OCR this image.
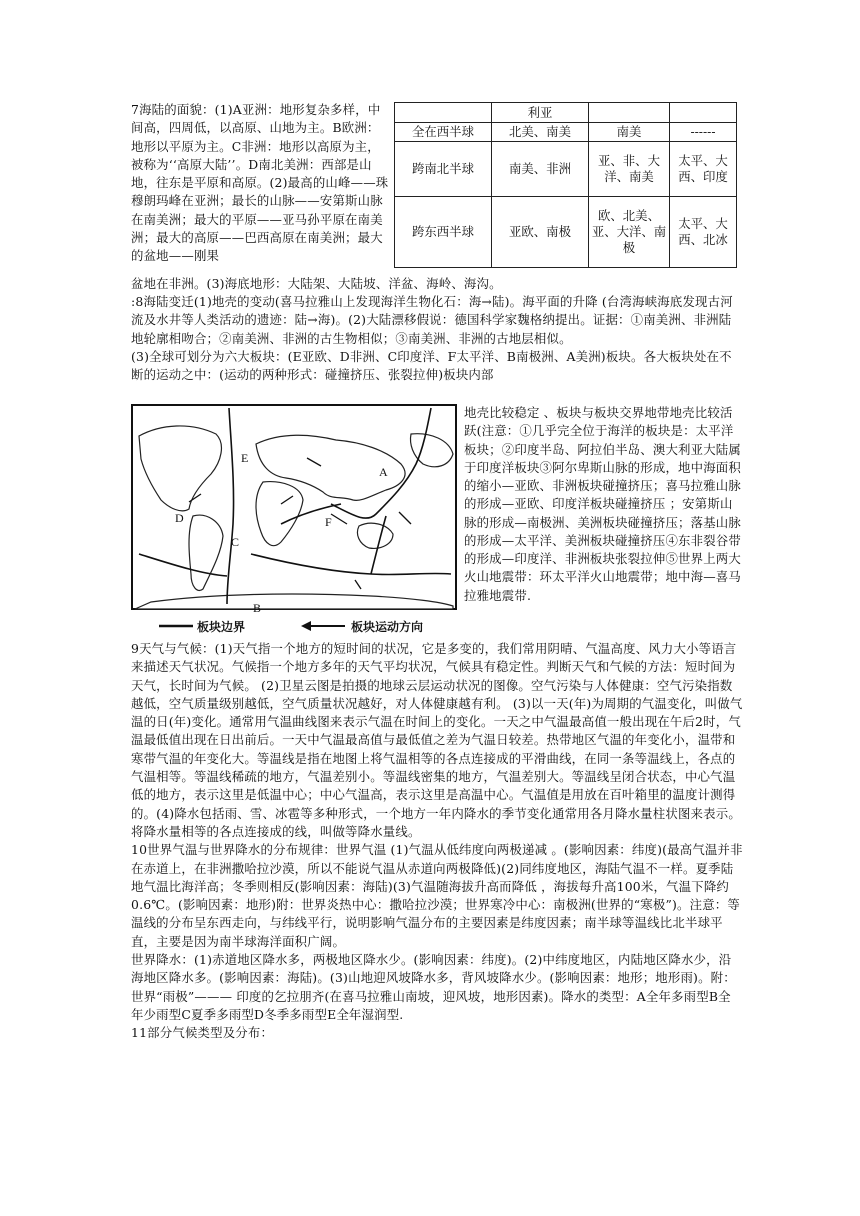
7海陆的面貌：(1)A亚洲：地形复杂多样，中间高，四周低，以高原、山地为主。B欧洲：地形以平原为主。C非洲：地形以高原为主，被称为‘‘高原大陆’’。D南北美洲：西部是山地，往东是平原和高原。(2)最高的山峰——珠穆朗玛峰在亚洲；最长的山脉——安第斯山脉在南美洲；最大的平原——亚马孙平原在南美洲；最大的高原——巴西高原在南美洲；最大的盆地——刚果

	利亚		
全在西半球	北美、南美	南美	------
跨南北半球	南美、非洲	亚、非、大洋、南美	太平、大西、印度
跨东西半球	亚欧、南极	欧、北美、亚、大洋、南极	太平、大西、北冰

盆地在非洲。(3)海底地形：大陆架、大陆坡、洋盆、海岭、海沟。

:8海陆变迁(1)地壳的变动(喜马拉雅山上发现海洋生物化石：海→陆)。海平面的升降 (台湾海峡海底发现古河流及水井等人类活动的遗迹：陆→海)。(2)大陆漂移假说：德国科学家魏格纳提出。证据：①南美洲、非洲陆地轮廓相吻合；②南美洲、非洲的古生物相似；③南美洲、非洲的古地层相似。

(3)全球可划分为六大板块：(E亚欧、D非洲、C印度洋、F太平洋、B南极洲、A美洲)板块。各大板块处在不断的运动之中：(运动的两种形式：碰撞挤压、张裂拉伸)板块内部

E
A
D	F
C
B
板块边界	板块运动方向

地壳比较稳定 、板块与板块交界地带地壳比较活跃(注意：①几乎完全位于海洋的板块是：太平洋板块；②印度半岛、阿拉伯半岛、澳大利亚大陆属于印度洋板块③阿尔卑斯山脉的形成，地中海面积的缩小—亚欧、非洲板块碰撞挤压；喜马拉雅山脉的形成—亚欧、印度洋板块碰撞挤压 ；安第斯山脉的形成—南极洲、美洲板块碰撞挤压；落基山脉的形成—太平洋、美洲板块碰撞挤压④东非裂谷带的形成—印度洋、非洲板块张裂拉伸⑤世界上两大火山地震带：环太平洋火山地震带；地中海—喜马拉雅地震带.

9天气与气候：(1)天气指一个地方的短时间的状况，它是多变的，我们常用阴晴、气温高度、风力大小等语言来描述天气状况。气候指一个地方多年的天气平均状况，气候具有稳定性。判断天气和气候的方法：短时间为天气，长时间为气候。 (2)卫星云图是拍摄的地球云层运动状况的图像。空气污染与人体健康：空气污染指数越低，空气质量级别越低，空气质量状况越好，对人体健康越有利。 (3)以一天(年)为周期的气温变化，叫做气温的日(年)变化。通常用气温曲线图来表示气温在时间上的变化。一天之中气温最高值一般出现在午后2时，气温最低值出现在日出前后。一天中气温最高值与最低值之差为气温日较差。热带地区气温的年变化小，温带和寒带气温的年变化大。等温线是指在地图上将气温相等的各点连接成的平滑曲线，在同一条等温线上，各点的气温相等。等温线稀疏的地方，气温差别小。等温线密集的地方，气温差别大。等温线呈闭合状态，中心气温低的地方，表示这里是低温中心；中心气温高，表示这里是高温中心。气温值是用放在百叶箱里的温度计测得的。(4)降水包括雨、雪、冰雹等多种形式，一个地方一年内降水的季节变化通常用各月降水量柱状图来表示。将降水量相等的各点连接成的线，叫做等降水量线。

10世界气温与世界降水的分布规律：世界气温 (1)气温从低纬度向两极递减 。(影响因素：纬度)(最高气温并非在赤道上，在非洲撒哈拉沙漠，所以不能说气温从赤道向两极降低)(2)同纬度地区，海陆气温不一样。夏季陆地气温比海洋高；冬季则相反(影响因素：海陆)(3)气温随海拔升高而降低 ，海拔每升高100米，气温下降约0.6℃。(影响因素：地形)附：世界炎热中心：撒哈拉沙漠；世界寒冷中心：南极洲(世界的“寒极”)。注意：等温线的分布呈东西走向，与纬线平行，说明影响气温分布的主要因素是纬度因素；南半球等温线比北半球平直，主要是因为南半球海洋面积广阔。

世界降水：(1)赤道地区降水多，两极地区降水少。(影响因素：纬度)。(2)中纬度地区，内陆地区降水少，沿海地区降水多。(影响因素：海陆)。(3)山地迎风坡降水多，背风坡降水少。(影响因素：地形；地形雨)。附：世界“雨极”——— 印度的乞拉朋齐(在喜马拉雅山南坡，迎风坡，地形因素)。降水的类型：A全年多雨型B全年少雨型C夏季多雨型D冬季多雨型E全年湿润型.

11部分气候类型及分布：
